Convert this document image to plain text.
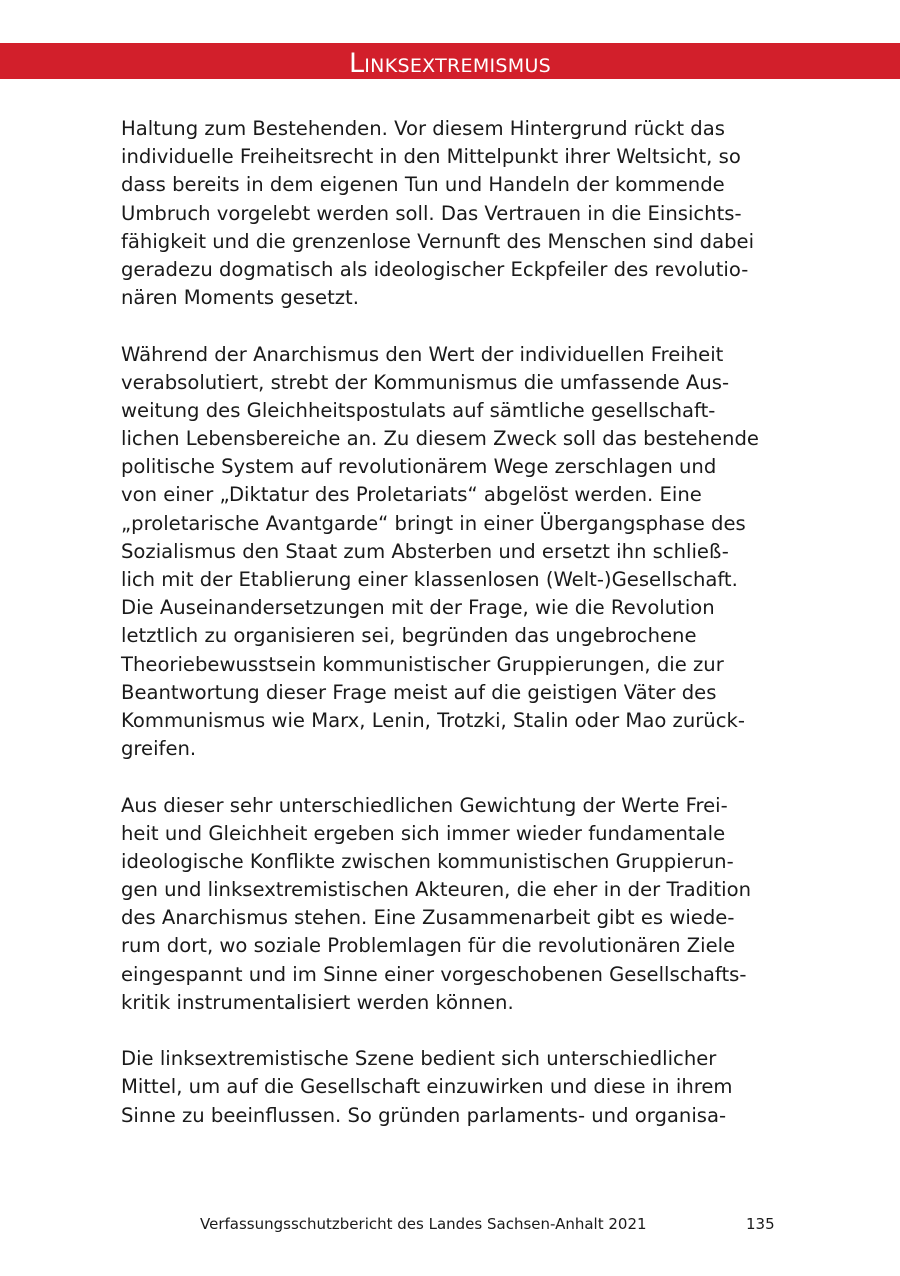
Linksextremismus

Haltung zum Bestehenden. Vor diesem Hintergrund rückt das
individuelle Freiheitsrecht in den Mittelpunkt ihrer Weltsicht, so
dass bereits in dem eigenen Tun und Handeln der kommende
Umbruch vorgelebt werden soll. Das Vertrauen in die Einsichts-
fähigkeit und die grenzenlose Vernunft des Menschen sind dabei
geradezu dogmatisch als ideologischer Eckpfeiler des revolutio-
nären Moments gesetzt.

Während der Anarchismus den Wert der individuellen Freiheit
verabsolutiert, strebt der Kommunismus die umfassende Aus-
weitung des Gleichheitspostulats auf sämtliche gesellschaft-
lichen Lebensbereiche an. Zu diesem Zweck soll das bestehende
politische System auf revolutionärem Wege zerschlagen und
von einer „Diktatur des Proletariats“ abgelöst werden. Eine
„proletarische Avantgarde“ bringt in einer Übergangsphase des
Sozialismus den Staat zum Absterben und ersetzt ihn schließ-
lich mit der Etablierung einer klassenlosen (Welt-)Gesellschaft.
Die Auseinandersetzungen mit der Frage, wie die Revolution
letztlich zu organisieren sei, begründen das ungebrochene
Theoriebewusstsein kommunistischer Gruppierungen, die zur
Beantwortung dieser Frage meist auf die geistigen Väter des
Kommunismus wie Marx, Lenin, Trotzki, Stalin oder Mao zurück-
greifen.

Aus dieser sehr unterschiedlichen Gewichtung der Werte Frei-
heit und Gleichheit ergeben sich immer wieder fundamentale
ideologische Konflikte zwischen kommunistischen Gruppierun-
gen und linksextremistischen Akteuren, die eher in der Tradition
des Anarchismus stehen. Eine Zusammenarbeit gibt es wiede-
rum dort, wo soziale Problemlagen für die revolutionären Ziele
eingespannt und im Sinne einer vorgeschobenen Gesellschafts-
kritik instrumentalisiert werden können.

Die linksextremistische Szene bedient sich unterschiedlicher
Mittel, um auf die Gesellschaft einzuwirken und diese in ihrem
Sinne zu beeinflussen. So gründen parlaments- und organisa-

Verfassungsschutzbericht des Landes Sachsen-Anhalt 2021	135
